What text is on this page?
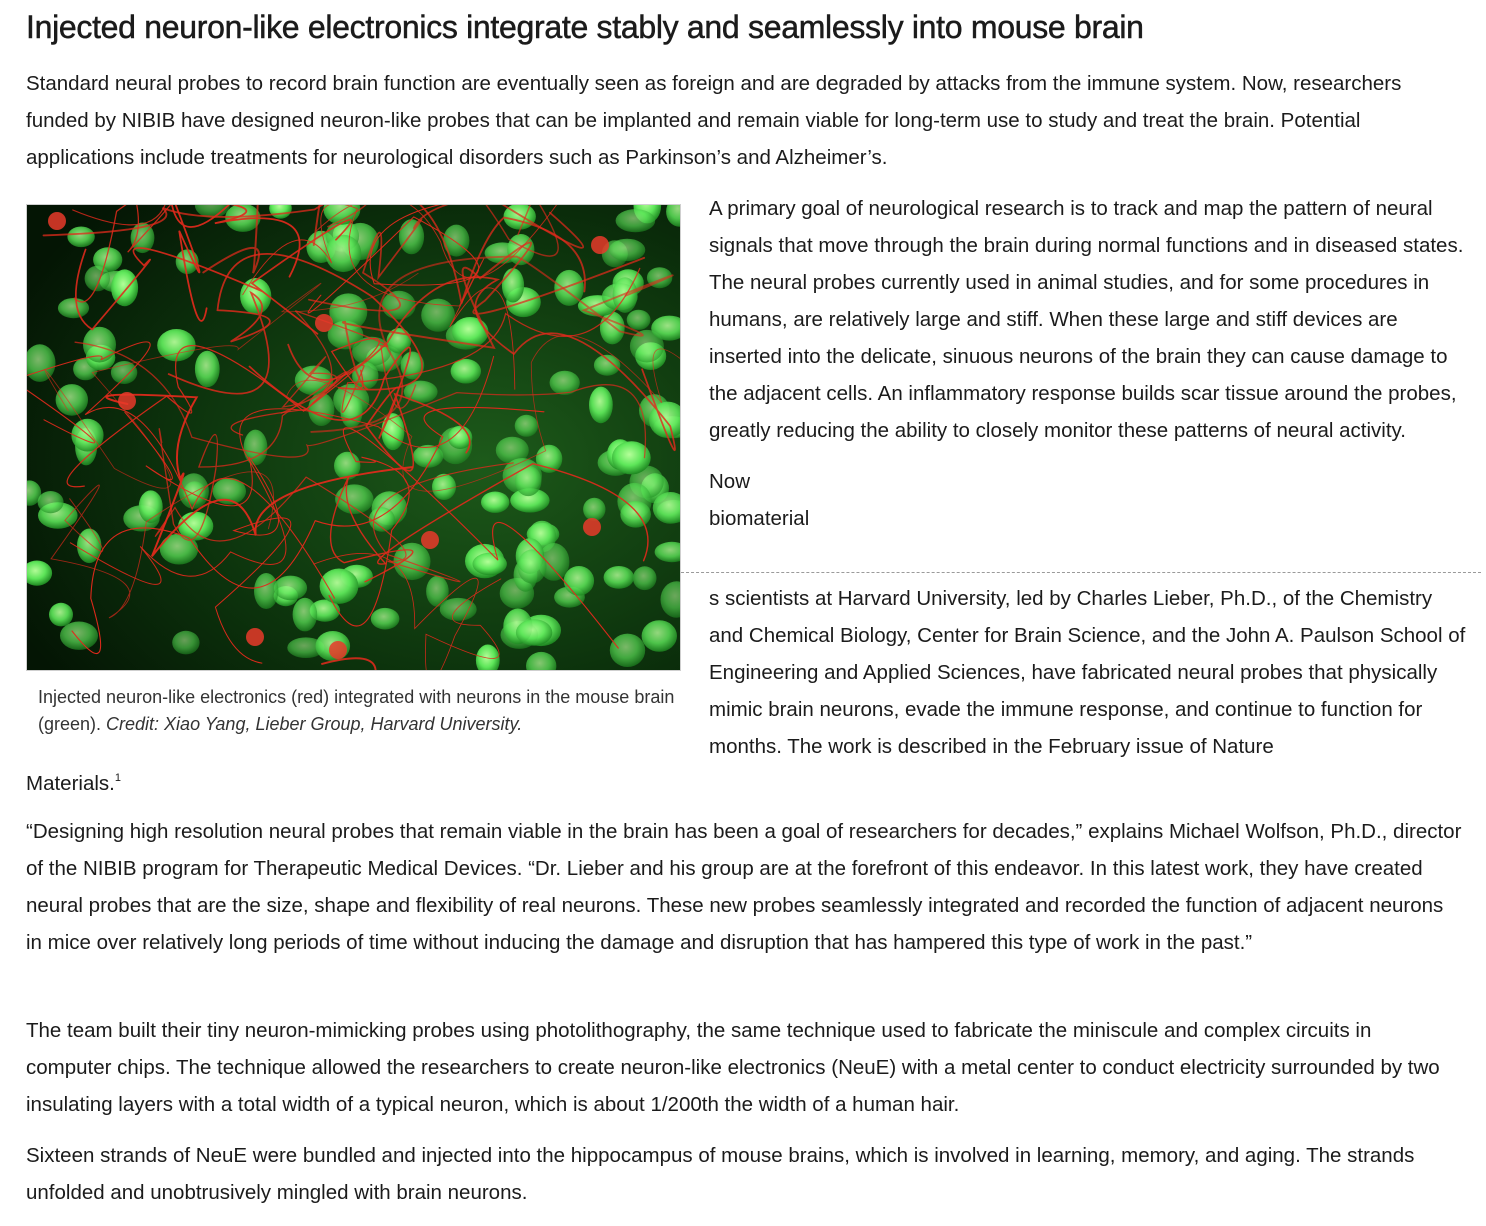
Injected neuron-like electronics integrate stably and seamlessly into mouse brain

Standard neural probes to record brain function are eventually seen as foreign and are degraded by attacks from the immune system. Now, researchers funded by NIBIB have designed neuron-like probes that can be implanted and remain viable for long-term use to study and treat the brain. Potential applications include treatments for neurological disorders such as Parkinson’s and Alzheimer’s.

Injected neuron-like electronics (red) integrated with neurons in the mouse brain (green). Credit: Xiao Yang, Lieber Group, Harvard University.

A primary goal of neurological research is to track and map the pattern of neural signals that move through the brain during normal functions and in diseased states. The neural probes currently used in animal studies, and for some procedures in humans, are relatively large and stiff. When these large and stiff devices are inserted into the delicate, sinuous neurons of the brain they can cause damage to the adjacent cells. An inflammatory response builds scar tissue around the probes, greatly reducing the ability to closely monitor these patterns of neural activity.

Now

biomaterial

s scientists at Harvard University, led by Charles Lieber, Ph.D., of the Chemistry and Chemical Biology, Center for Brain Science, and the John A. Paulson School of Engineering and Applied Sciences, have fabricated neural probes that physically mimic brain neurons, evade the immune response, and continue to function for months. The work is described in the February issue of Nature

Materials.$^1$

“Designing high resolution neural probes that remain viable in the brain has been a goal of researchers for decades,” explains Michael Wolfson, Ph.D., director of the NIBIB program for Therapeutic Medical Devices. “Dr. Lieber and his group are at the forefront of this endeavor. In this latest work, they have created neural probes that are the size, shape and flexibility of real neurons. These new probes seamlessly integrated and recorded the function of adjacent neurons in mice over relatively long periods of time without inducing the damage and disruption that has hampered this type of work in the past.”

The team built their tiny neuron-mimicking probes using photolithography, the same technique used to fabricate the miniscule and complex circuits in computer chips. The technique allowed the researchers to create neuron-like electronics (NeuE) with a metal center to conduct electricity surrounded by two insulating layers with a total width of a typical neuron, which is about 1/200th the width of a human hair.

Sixteen strands of NeuE were bundled and injected into the hippocampus of mouse brains, which is involved in learning, memory, and aging. The strands unfolded and unobtrusively mingled with brain neurons.
